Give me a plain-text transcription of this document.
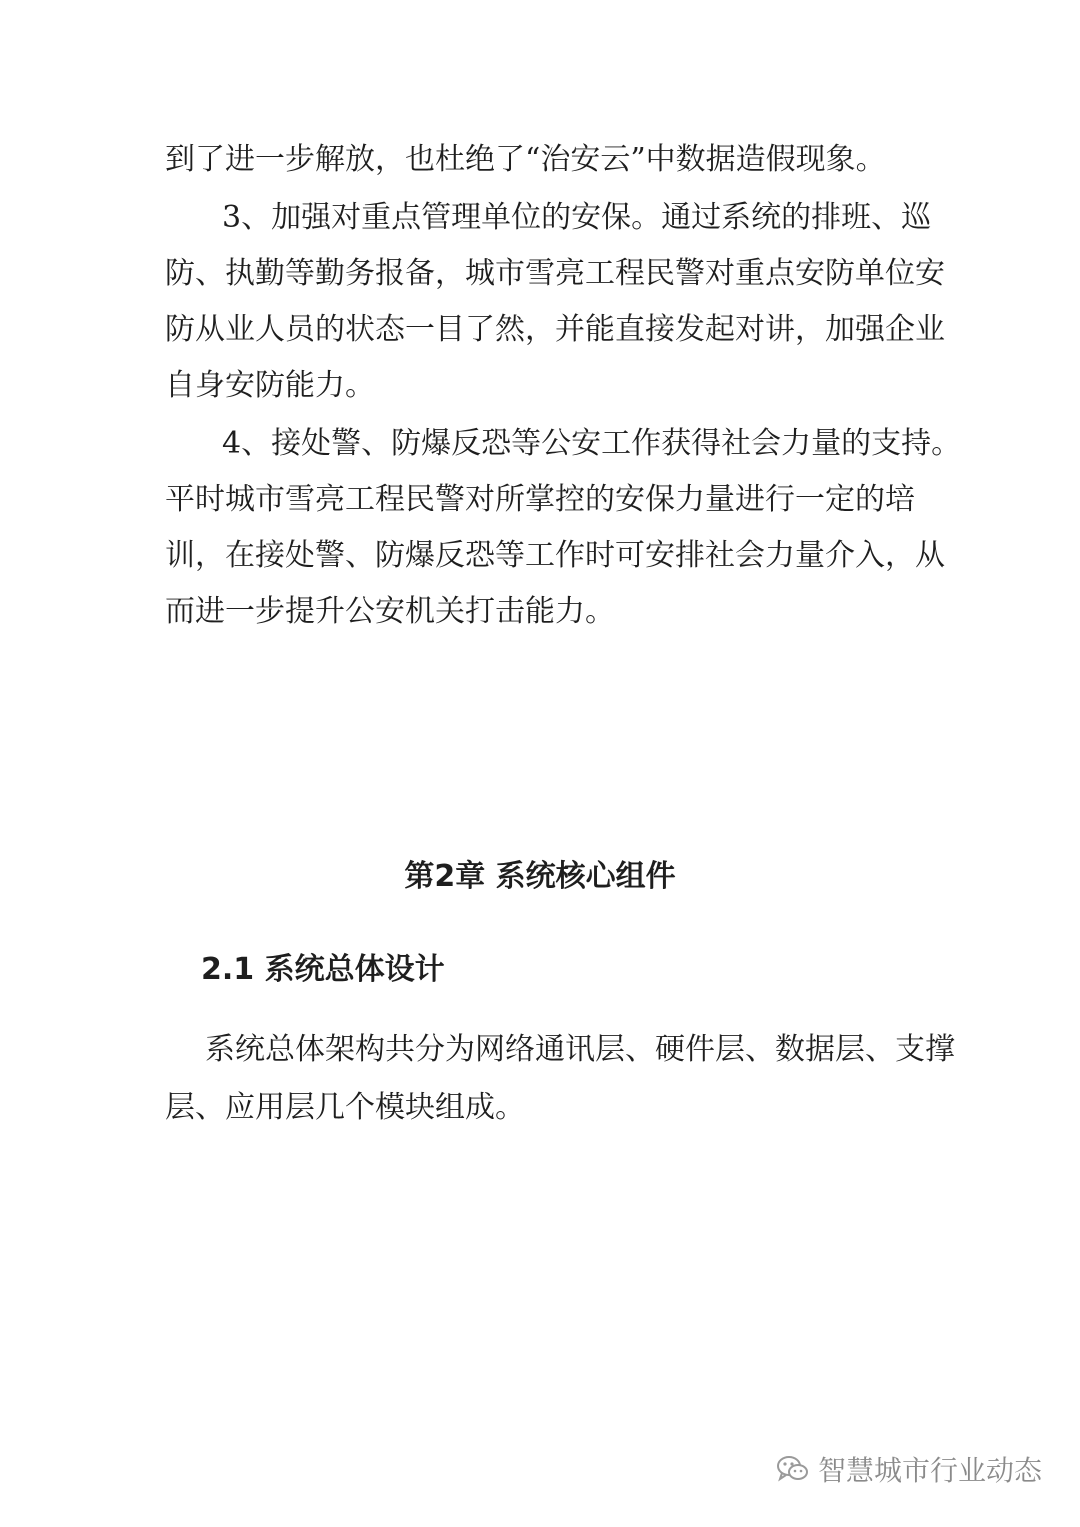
到了进一步解放，也杜绝了“治安云”中数据造假现象。
3、加强对重点管理单位的安保。通过系统的排班、巡
防、执勤等勤务报备，城市雪亮工程民警对重点安防单位安
防从业人员的状态一目了然，并能直接发起对讲，加强企业
自身安防能力。
4、接处警、防爆反恐等公安工作获得社会力量的支持。
平时城市雪亮工程民警对所掌控的安保力量进行一定的培
训，在接处警、防爆反恐等工作时可安排社会力量介入，从
而进一步提升公安机关打击能力。
第2章 系统核心组件
2.1 系统总体设计
系统总体架构共分为网络通讯层、硬件层、数据层、支撑
层、应用层几个模块组成。
智慧城市行业动态
